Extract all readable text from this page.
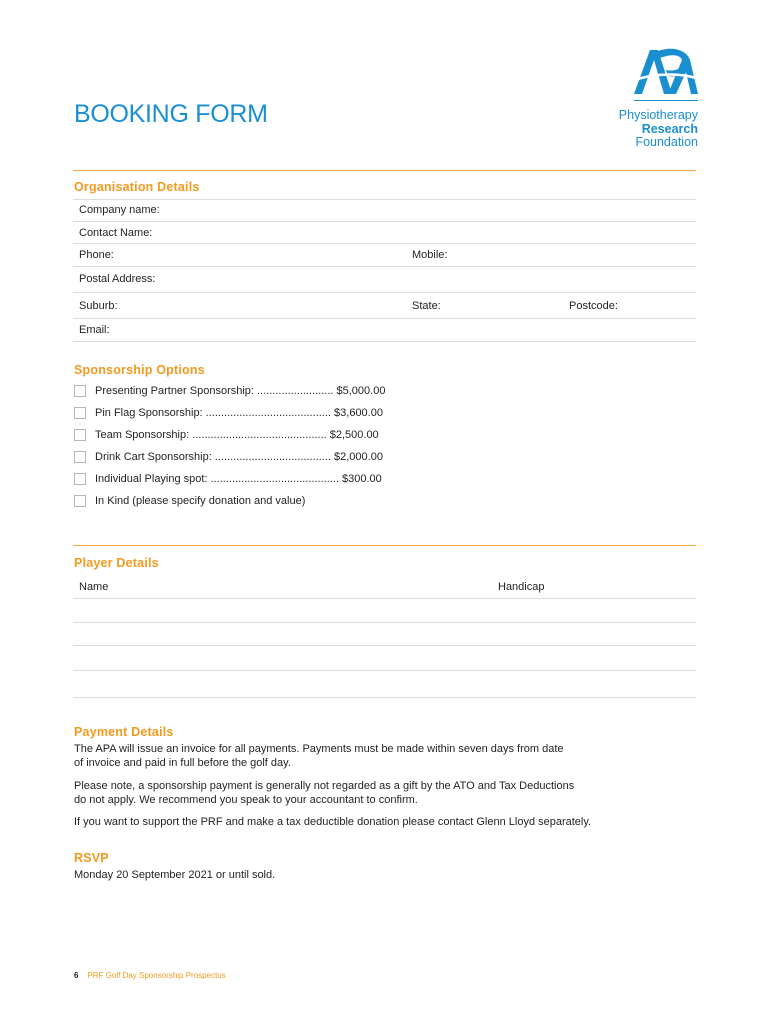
BOOKING FORM	Physiotherapy
Research
Foundation
Organisation Details
Company name:
Contact Name:
Phone:	Mobile:
Postal Address:
Suburb:	State:	Postcode:
Email:
Sponsorship Options
Presenting Partner Sponsorship: ......................... $5,000.00
Pin Flag Sponsorship: ......................................... $3,600.00
Team Sponsorship: ............................................ $2,500.00
Drink Cart Sponsorship: ...................................... $2,000.00
Individual Playing spot: .......................................... $300.00
In Kind (please specify donation and value)
Player Details
Name	Handicap
Payment Details
The APA will issue an invoice for all payments. Payments must be made within seven days from date
of invoice and paid in full before the golf day.
Please note, a sponsorship payment is generally not regarded as a gift by the ATO and Tax Deductions
do not apply. We recommend you speak to your accountant to confirm.
If you want to support the PRF and make a tax deductible donation please contact Glenn Lloyd separately.
RSVP
Monday 20 September 2021 or until sold.
6 PRF Golf Day Sponsorship Prospectus
